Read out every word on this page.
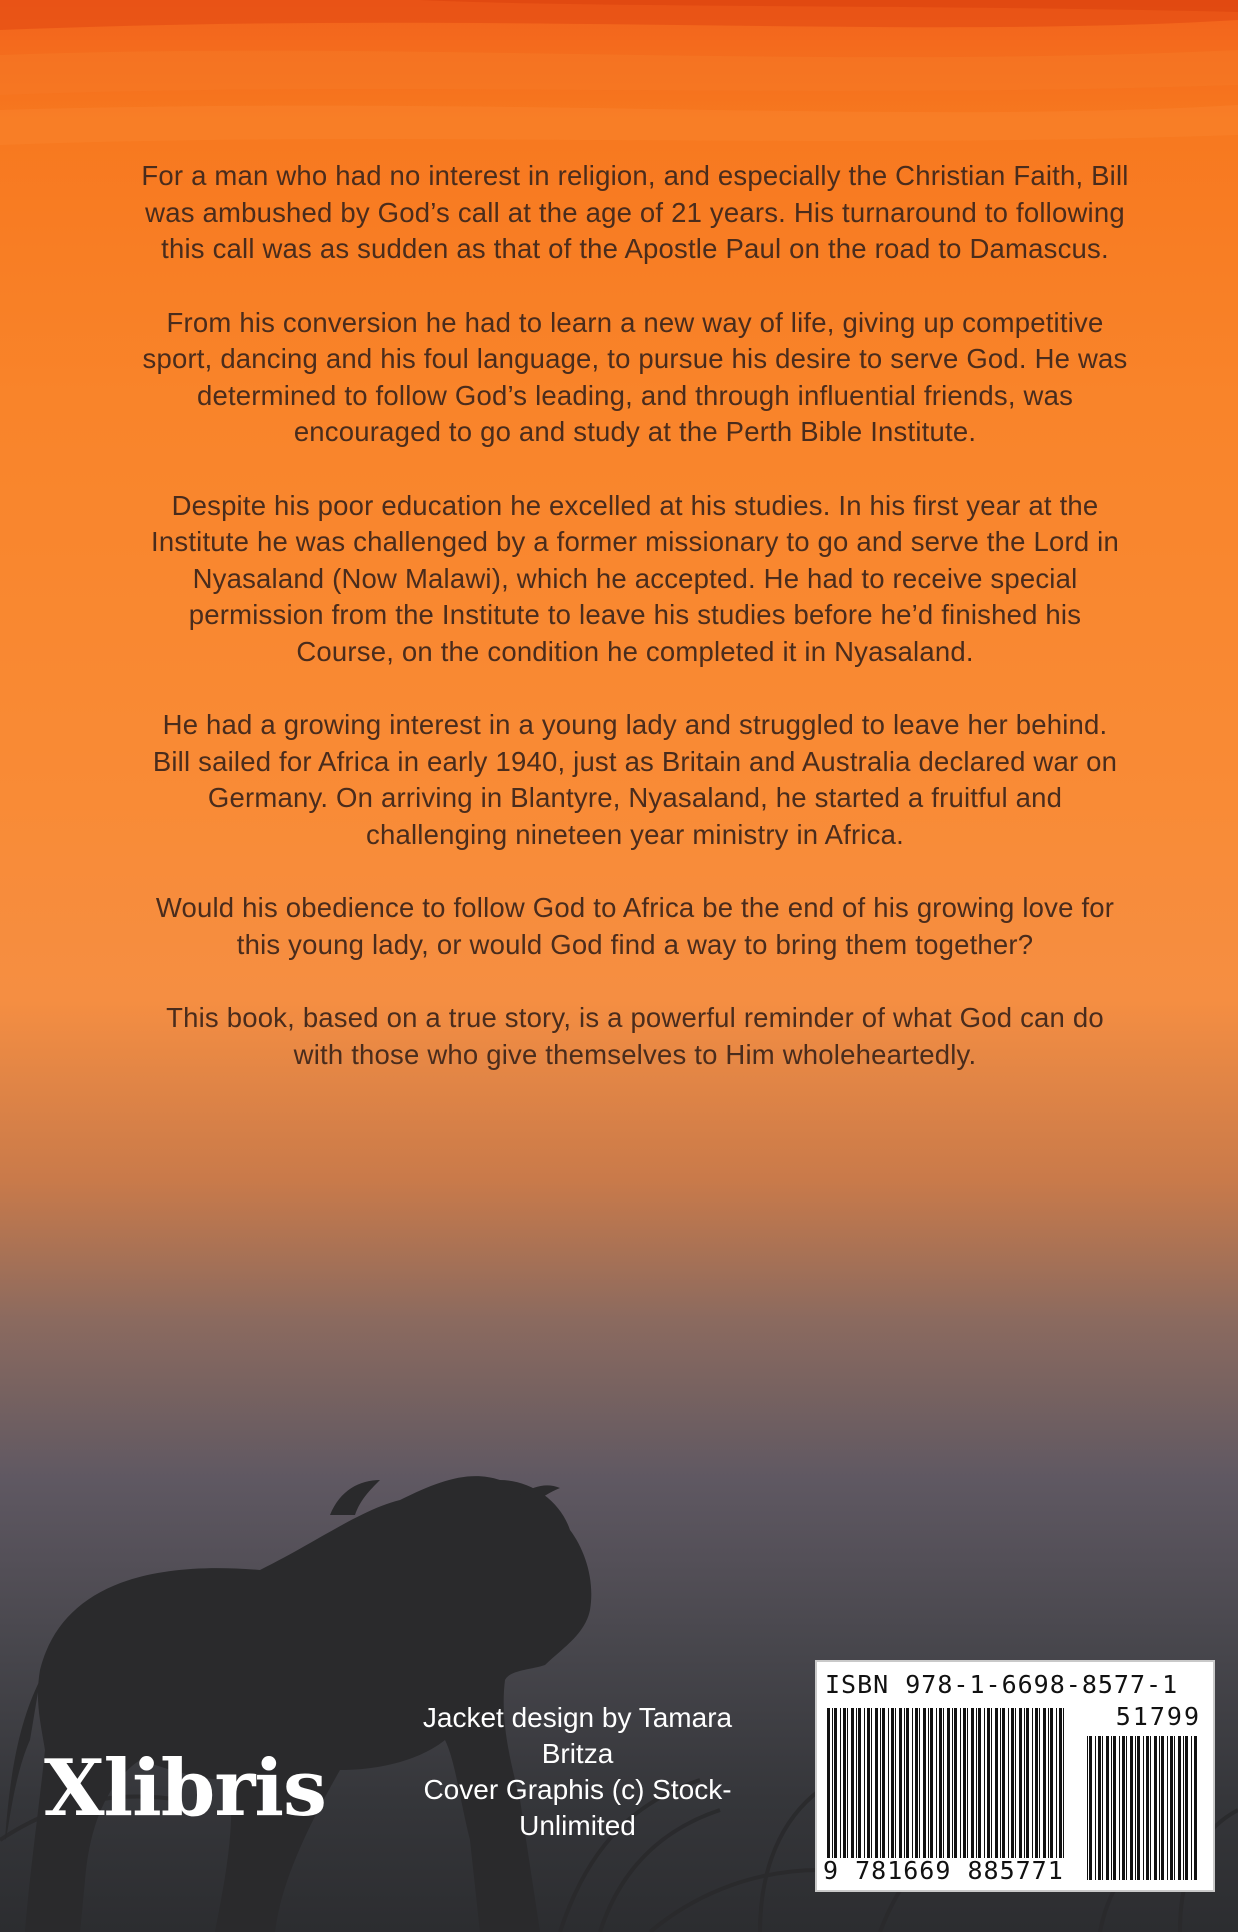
For a man who had no interest in religion, and especially the Christian Faith, Bill was ambushed by God’s call at the age of 21 years. His turnaround to following this call was as sudden as that of the Apostle Paul on the road to Damascus.

From his conversion he had to learn a new way of life, giving up competitive sport, dancing and his foul language, to pursue his desire to serve God. He was determined to follow God’s leading, and through influential friends, was encouraged to go and study at the Perth Bible Institute.

Despite his poor education he excelled at his studies. In his first year at the Institute he was challenged by a former missionary to go and serve the Lord in Nyasaland (Now Malawi), which he accepted. He had to receive special permission from the Institute to leave his studies before he’d finished his Course, on the condition he completed it in Nyasaland.

He had a growing interest in a young lady and struggled to leave her behind. Bill sailed for Africa in early 1940, just as Britain and Australia declared war on Germany. On arriving in Blantyre, Nyasaland, he started a fruitful and challenging nineteen year ministry in Africa.

Would his obedience to follow God to Africa be the end of his growing love for this young lady, or would God find a way to bring them together?

This book, based on a true story, is a powerful reminder of what God can do with those who give themselves to Him wholeheartedly.

Xlibris
Jacket design by Tamara
Britza
Cover Graphis (c) Stock-
Unlimited
ISBN 978-1-6698-8577-1
51799
9 781669 885771
